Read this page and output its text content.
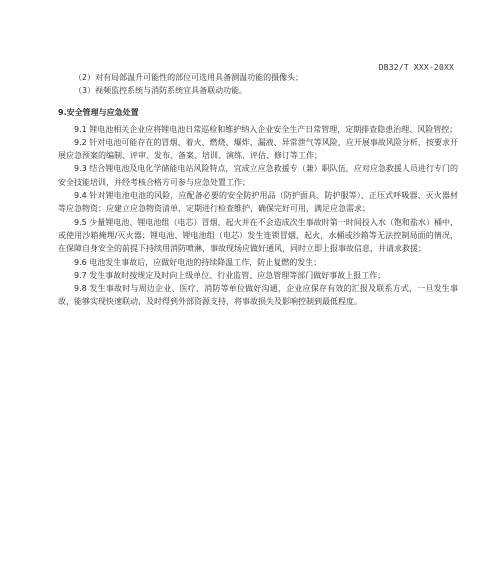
DB32/T XXX-20XX

（2）对有局部温升可能性的部位可选用具备测温功能的摄像头；

（3）视频监控系统与消防系统宜具备联动功能。

9.安全管理与应急处置

9.1 锂电池相关企业应将锂电池日常巡检和维护纳入企业安全生产日常管理，定期排查隐患治理、风险管控；

9.2 针对电池可能存在的冒烟、着火、燃烧、爆炸、漏液、异常泄气等风险，应开展事故风险分析，按要求开展应急预案的编制、评审、发布、备案、培训、演练、评估、修订等工作；

9.3 结合锂电池及电化学储能电站风险特点，宜成立应急救援专（兼）职队伍，应对应急救援人员进行专门的安全技能培训，并经考核合格方可参与应急处置工作；

9.4 针对锂电池电池的风险，应配备必要的安全防护用品（防护面具、防护服等）、正压式呼吸器、灭火器材等应急物资；应建立应急物资清单，定期进行检查维护，确保完好可用，满足应急需求；

9.5 少量锂电池、锂电池组（电芯）冒烟、起火并在不会造成次生事故时第一时间投入水（饱和盐水）桶中，或使用沙箱掩埋/灭火器；锂电池、锂电池组（电芯）发生连锁冒烟、起火，水桶或沙箱等无法控制局面的情况，在保障自身安全的前提下持续用消防喷淋，事故现场应做好通风，同时立即上报事故信息，并请求救援；

9.6 电池发生事故后，应做好电池的持续降温工作，防止复燃的发生；

9.7 发生事故时按规定及时向上级单位、行业监管、应急管理等部门做好事故上报工作；

9.8 发生事故时与周边企业、医疗、消防等单位做好沟通，企业应保存有效的汇报及联系方式，一旦发生事故，能够实现快速联动，及时得到外部资源支持，将事故损失及影响控制到最低程度。
